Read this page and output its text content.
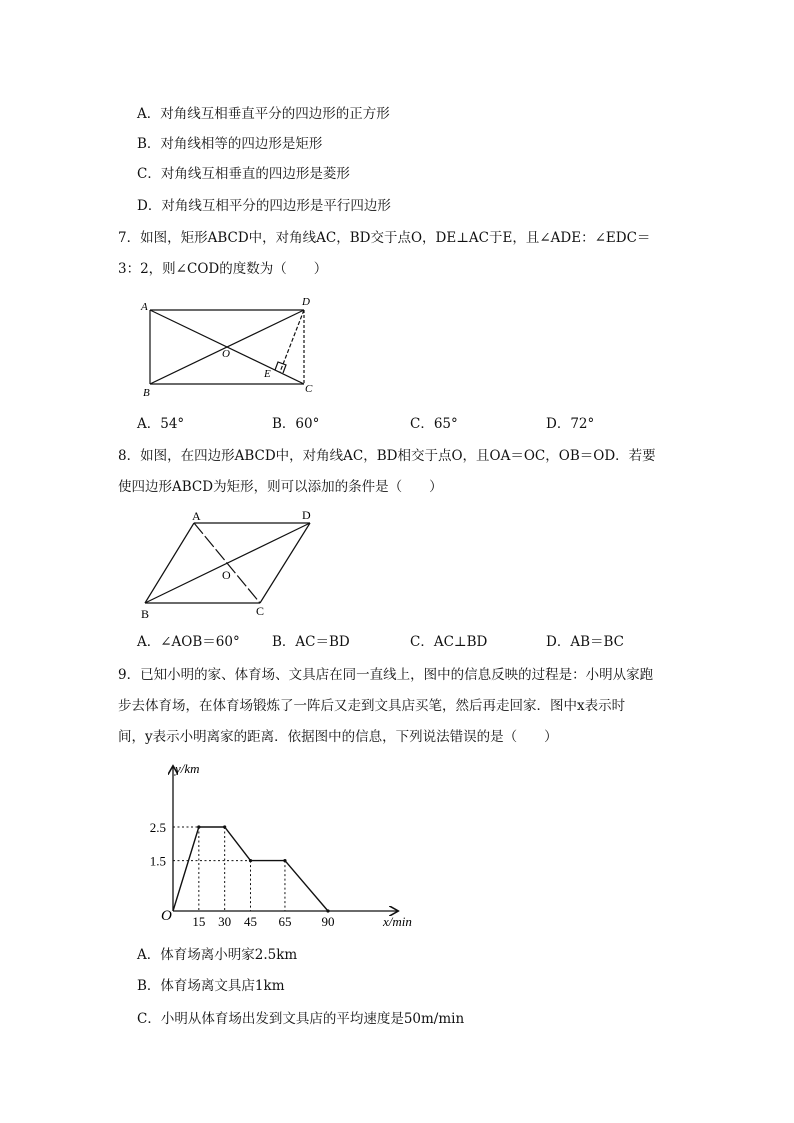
A．对角线互相垂直平分的四边形的正方形
B．对角线相等的四边形是矩形
C．对角线互相垂直的四边形是菱形
D．对角线互相平分的四边形是平行四边形
7．如图，矩形ABCD中，对角线AC，BD交于点O，DE⊥AC于E，且∠ADE：∠EDC＝
3：2，则∠COD的度数为（　　）
A	D
B	C
O
E
A．54°	B．60°	C．65°	D．72°
8．如图，在四边形ABCD中，对角线AC，BD相交于点O，且OA＝OC，OB＝OD．若要
使四边形ABCD为矩形，则可以添加的条件是（　　）
A	D
B	C
O
A．∠AOB＝60° B．AC＝BD	C．AC⊥BD	D．AB＝BC
9．已知小明的家、体育场、文具店在同一直线上，图中的信息反映的过程是：小明从家跑
步去体育场，在体育场锻炼了一阵后又走到文具店买笔，然后再走回家．图中x表示时
间，y表示小明离家的距离．依据图中的信息，下列说法错误的是（　　）
15 30 45 65 90
2.5
1.5
y/km
x/min
O
A．体育场离小明家2.5km
B．体育场离文具店1km
C．小明从体育场出发到文具店的平均速度是50m/min
